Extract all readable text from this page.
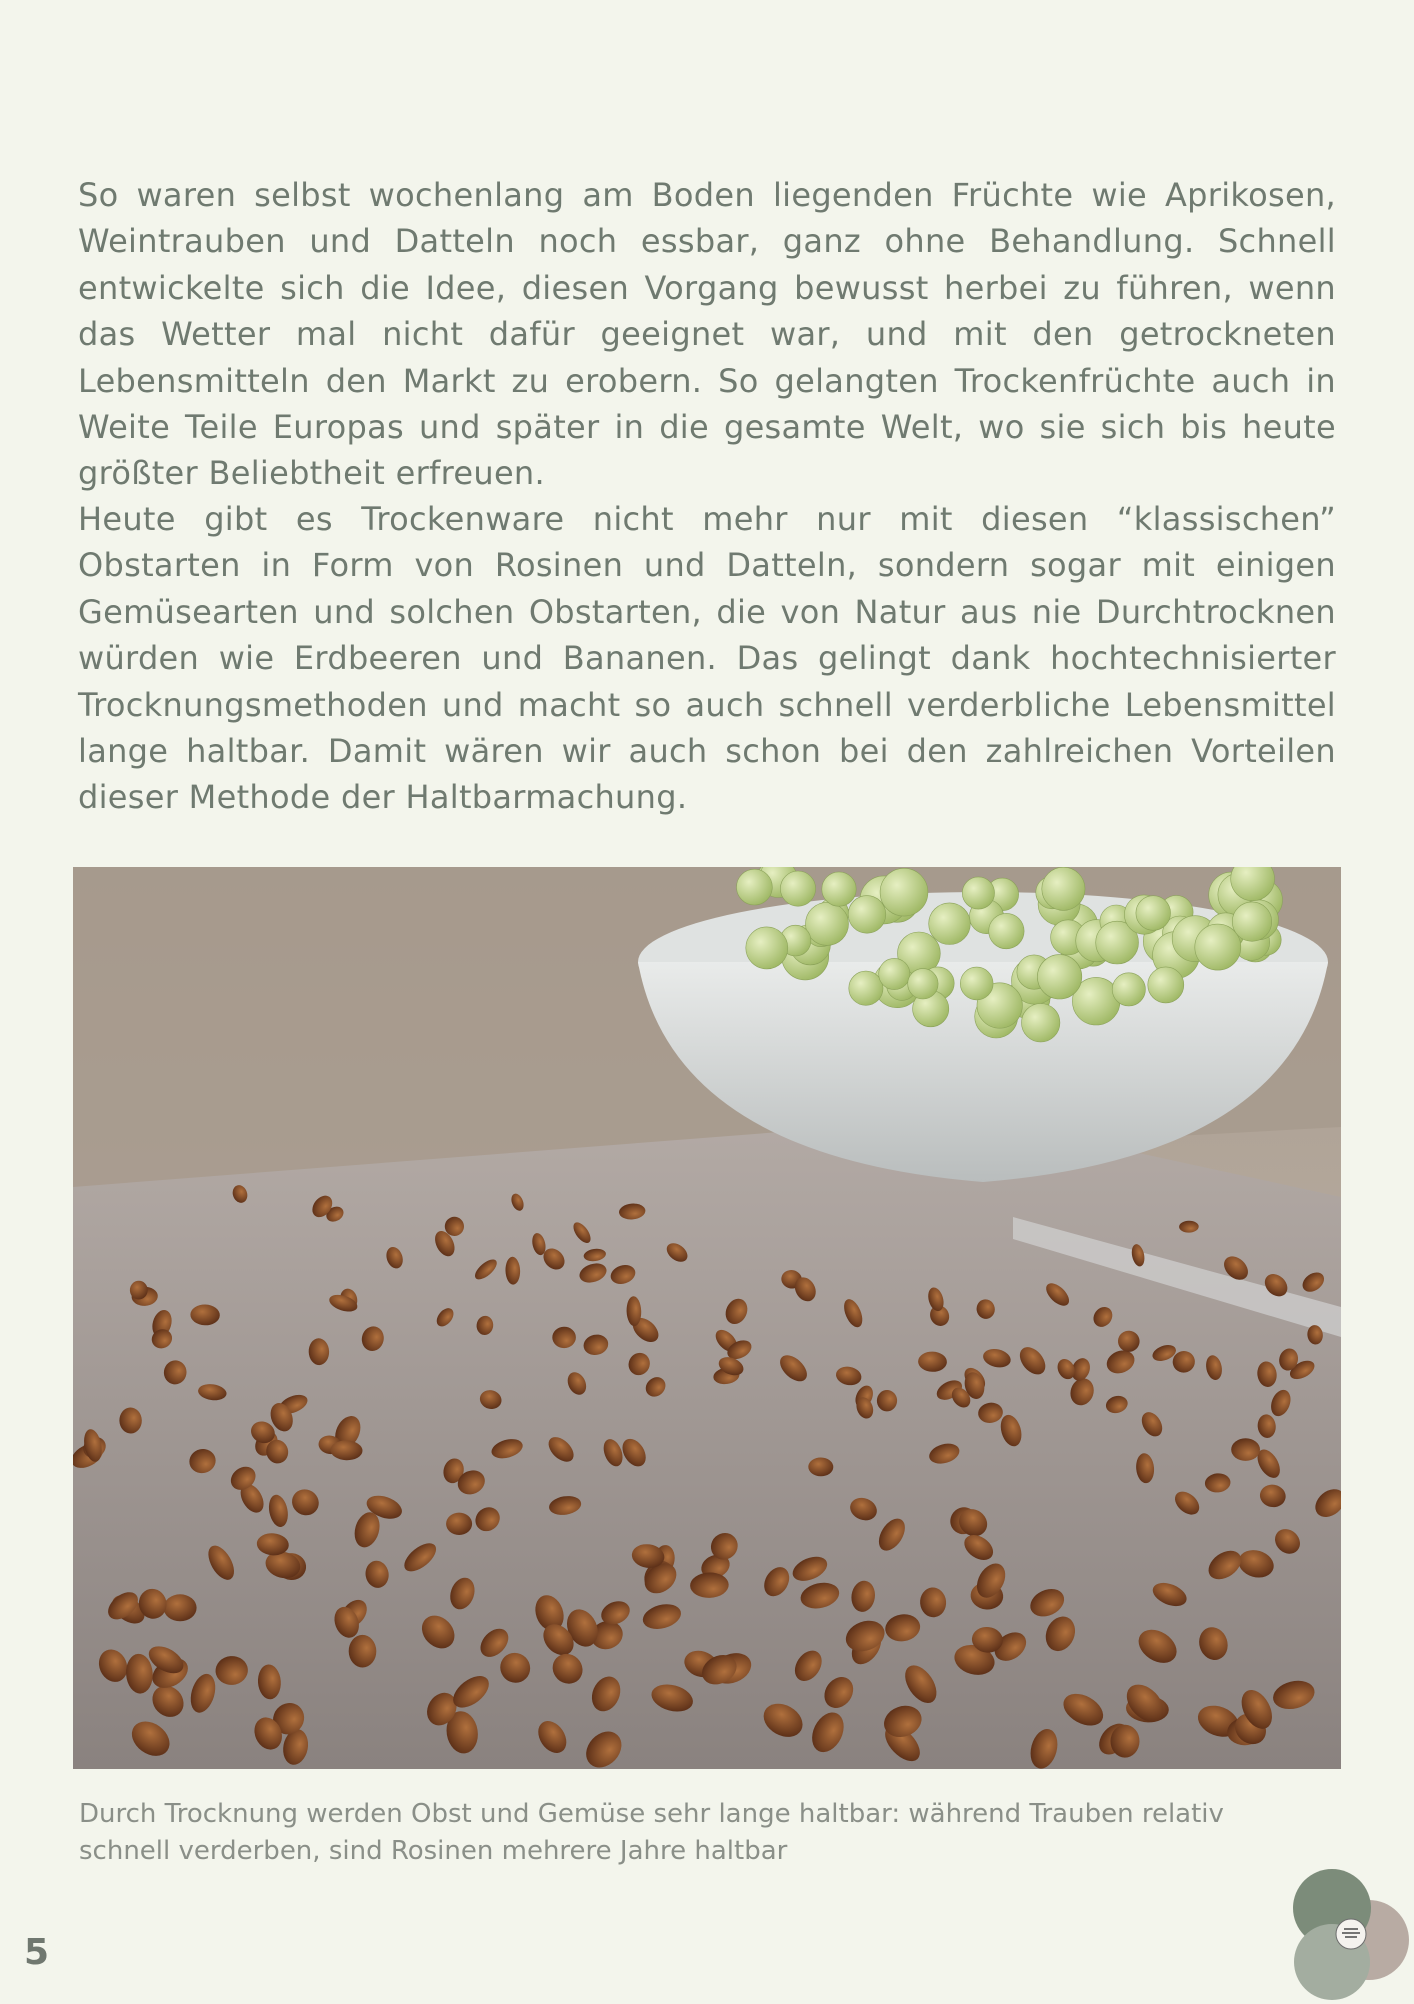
So waren selbst wochenlang am Boden liegenden Früchte wie Aprikosen, Weintrauben und Datteln noch essbar, ganz ohne Behandlung. Schnell entwickelte sich die Idee, diesen Vorgang bewusst herbei zu führen, wenn das Wetter mal nicht dafür geeignet war, und mit den getrockneten Lebensmitteln den Markt zu erobern. So gelangten Trockenfrüchte auch in Weite Teile Europas und später in die gesamte Welt, wo sie sich bis heute größter Beliebtheit erfreuen.

Heute gibt es Trockenware nicht mehr nur mit diesen “klassischen” Obstarten in Form von Rosinen und Datteln, sondern sogar mit einigen Gemüsearten und solchen Obstarten, die von Natur aus nie Durchtrocknen würden wie Erdbeeren und Bananen. Das gelingt dank hochtechnisierter Trocknungsmethoden und macht so auch schnell verderbliche Lebensmittel lange haltbar. Damit wären wir auch schon bei den zahlreichen Vorteilen dieser Methode der Haltbarmachung.

Durch Trocknung werden Obst und Gemüse sehr lange haltbar: während Trauben relativ schnell verderben, sind Rosinen mehrere Jahre haltbar
5
